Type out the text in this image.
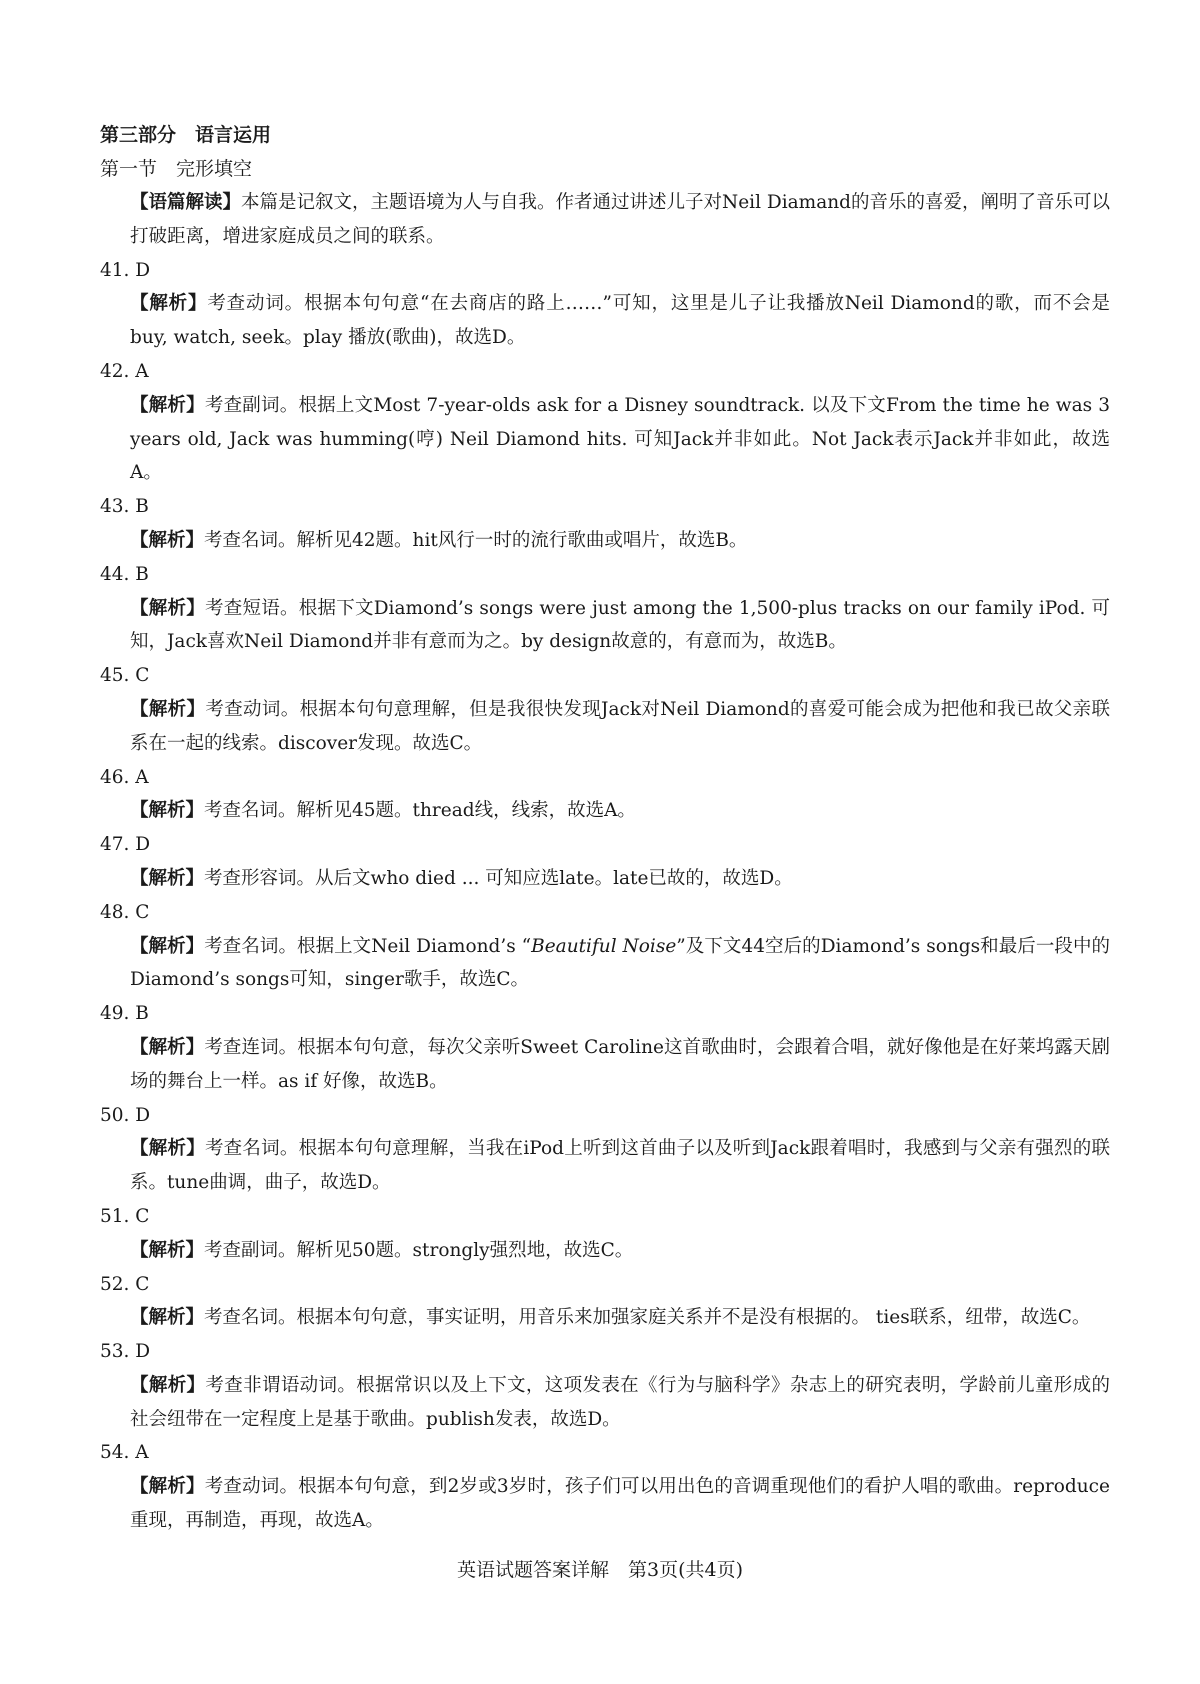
第三部分　语言运用
第一节　完形填空

【语篇解读】本篇是记叙文，主题语境为人与自我。作者通过讲述儿子对Neil Diamand的音乐的喜爱，阐明了音乐可以打破距离，增进家庭成员之间的联系。

41. D

【解析】考查动词。根据本句句意“在去商店的路上……”可知，这里是儿子让我播放Neil Diamond的歌，而不会是buy, watch, seek。play 播放(歌曲)，故选D。

42. A

【解析】考查副词。根据上文Most 7-year-olds ask for a Disney soundtrack. 以及下文From the time he was 3 years old, Jack was humming(哼) Neil Diamond hits. 可知Jack并非如此。Not Jack表示Jack并非如此，故选A。

43. B

【解析】考查名词。解析见42题。hit风行一时的流行歌曲或唱片，故选B。

44. B

【解析】考查短语。根据下文Diamond’s songs were just among the 1,500-plus tracks on our family iPod. 可知，Jack喜欢Neil Diamond并非有意而为之。by design故意的，有意而为，故选B。

45. C

【解析】考查动词。根据本句句意理解，但是我很快发现Jack对Neil Diamond的喜爱可能会成为把他和我已故父亲联系在一起的线索。discover发现。故选C。

46. A

【解析】考查名词。解析见45题。thread线，线索，故选A。

47. D

【解析】考查形容词。从后文who died ... 可知应选late。late已故的，故选D。

48. C

【解析】考查名词。根据上文Neil Diamond’s “Beautiful Noise”及下文44空后的Diamond’s songs和最后一段中的Diamond’s songs可知，singer歌手，故选C。

49. B

【解析】考查连词。根据本句句意，每次父亲听Sweet Caroline这首歌曲时，会跟着合唱，就好像他是在好莱坞露天剧场的舞台上一样。as if 好像，故选B。

50. D

【解析】考查名词。根据本句句意理解，当我在iPod上听到这首曲子以及听到Jack跟着唱时，我感到与父亲有强烈的联系。tune曲调，曲子，故选D。

51. C

【解析】考查副词。解析见50题。strongly强烈地，故选C。

52. C

【解析】考查名词。根据本句句意，事实证明，用音乐来加强家庭关系并不是没有根据的。 ties联系，纽带，故选C。

53. D

【解析】考查非谓语动词。根据常识以及上下文，这项发表在《行为与脑科学》杂志上的研究表明，学龄前儿童形成的社会纽带在一定程度上是基于歌曲。publish发表，故选D。

54. A

【解析】考查动词。根据本句句意，到2岁或3岁时，孩子们可以用出色的音调重现他们的看护人唱的歌曲。reproduce重现，再制造，再现，故选A。

英语试题答案详解　第3页(共4页)
